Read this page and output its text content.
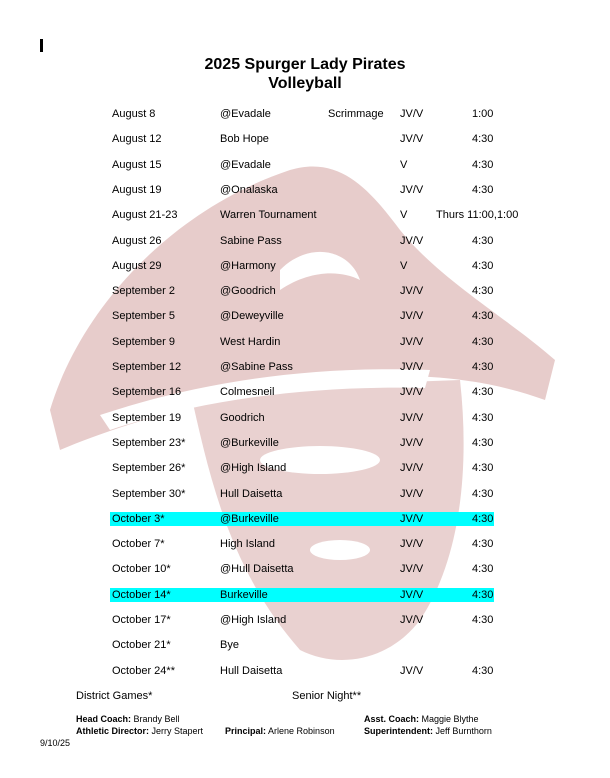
2025 Spurger Lady Pirates
Volleyball
August 8	@Evadale	Scrimmage JV/V	1:00
August 12	Bob Hope	JV/V	4:30
August 15	@Evadale	V	4:30
August 19	@Onalaska	JV/V	4:30
August 21-23	Warren Tournament	V	Thurs 11:00,1:00
August 26	Sabine Pass	JV/V	4:30
August 29	@Harmony	V	4:30
September 2	@Goodrich	JV/V	4:30
September 5	@Deweyville	JV/V	4:30
September 9	West Hardin	JV/V	4:30
September 12	@Sabine Pass	JV/V	4:30
September 16	Colmesneil	JV/V	4:30
September 19	Goodrich	JV/V	4:30
September 23*	@Burkeville	JV/V	4:30
September 26*	@High Island	JV/V	4:30
September 30*	Hull Daisetta	JV/V	4:30
October 3*	@Burkeville	JV/V	4:30
October 7*	High Island	JV/V	4:30
October 10*	@Hull Daisetta	JV/V	4:30
October 14*	Burkeville	JV/V	4:30
October 17*	@High Island	JV/V	4:30
October 21*	Bye
October 24**	Hull Daisetta	JV/V	4:30
District Games*	Senior Night**
Head Coach: Brandy Bell	Asst. Coach: Maggie Blythe
Athletic Director: Jerry Stapert Principal: Arlene Robinson	Superintendent: Jeff Burnthorn
9/10/25
